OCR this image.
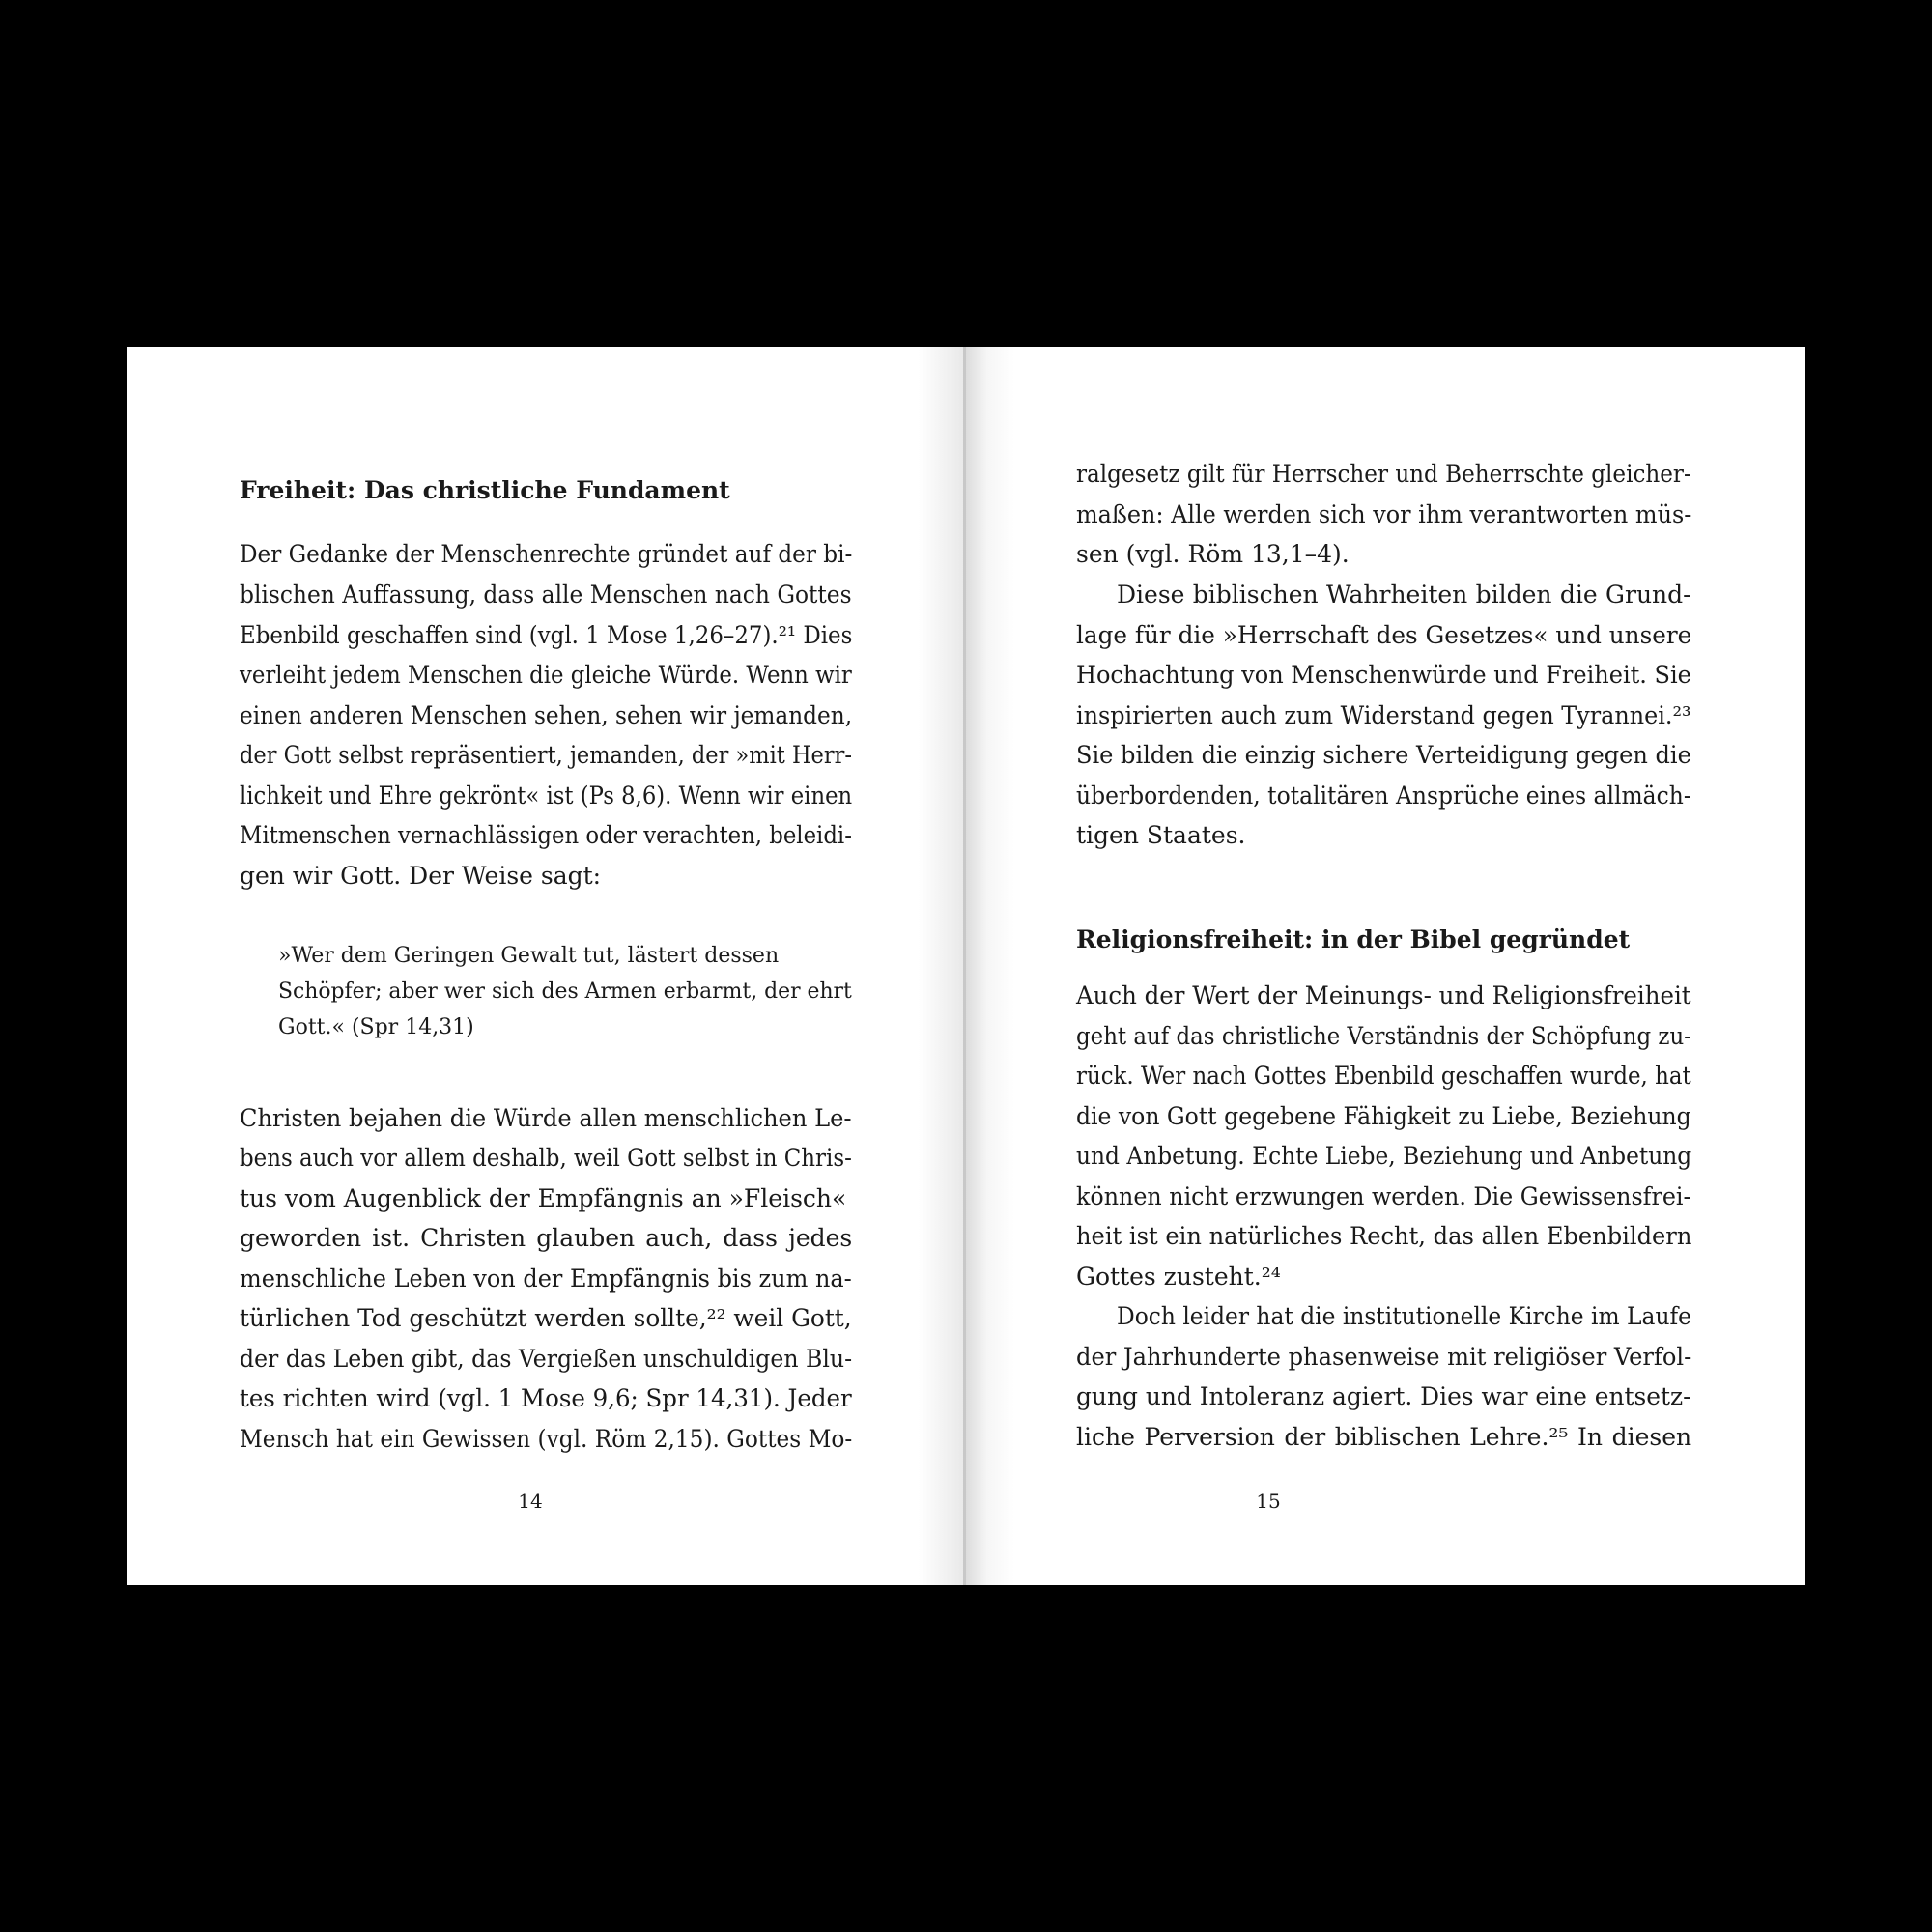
Freiheit: Das christliche Fundament
Der Gedanke der Menschenrechte gründet auf der bi-
blischen Auffassung, dass alle Menschen nach Gottes
Ebenbild geschaffen sind (vgl. 1 Mose 1,26–27).²¹ Dies
verleiht jedem Menschen die gleiche Würde. Wenn wir
einen anderen Menschen sehen, sehen wir jemanden,
der Gott selbst repräsentiert, jemanden, der »mit Herr-
lichkeit und Ehre gekrönt« ist (Ps 8,6). Wenn wir einen
Mitmenschen vernachlässigen oder verachten, beleidi-
gen wir Gott. Der Weise sagt:
»Wer dem Geringen Gewalt tut, lästert dessen
Schöpfer; aber wer sich des Armen erbarmt, der ehrt
Gott.« (Spr 14,31)
Christen bejahen die Würde allen menschlichen Le-
bens auch vor allem deshalb, weil Gott selbst in Chris-
tus vom Augenblick der Empfängnis an »Fleisch«
geworden ist. Christen glauben auch, dass jedes
menschliche Leben von der Empfängnis bis zum na-
türlichen Tod geschützt werden sollte,²² weil Gott,
der das Leben gibt, das Vergießen unschuldigen Blu-
tes richten wird (vgl. 1 Mose 9,6; Spr 14,31). Jeder
Mensch hat ein Gewissen (vgl. Röm 2,15). Gottes Mo-
14
ralgesetz gilt für Herrscher und Beherrschte gleicher-
maßen: Alle werden sich vor ihm verantworten müs-
sen (vgl. Röm 13,1–4).
Diese biblischen Wahrheiten bilden die Grund-
lage für die »Herrschaft des Gesetzes« und unsere
Hochachtung von Menschenwürde und Freiheit. Sie
inspirierten auch zum Widerstand gegen Tyrannei.²³
Sie bilden die einzig sichere Verteidigung gegen die
überbordenden, totalitären Ansprüche eines allmäch-
tigen Staates.
Religionsfreiheit: in der Bibel gegründet
Auch der Wert der Meinungs- und Religionsfreiheit
geht auf das christliche Verständnis der Schöpfung zu-
rück. Wer nach Gottes Ebenbild geschaffen wurde, hat
die von Gott gegebene Fähigkeit zu Liebe, Beziehung
und Anbetung. Echte Liebe, Beziehung und Anbetung
können nicht erzwungen werden. Die Gewissensfrei-
heit ist ein natürliches Recht, das allen Ebenbildern
Gottes zusteht.²⁴
Doch leider hat die institutionelle Kirche im Laufe
der Jahrhunderte phasenweise mit religiöser Verfol-
gung und Intoleranz agiert. Dies war eine entsetz-
liche Perversion der biblischen Lehre.²⁵ In diesen
15
